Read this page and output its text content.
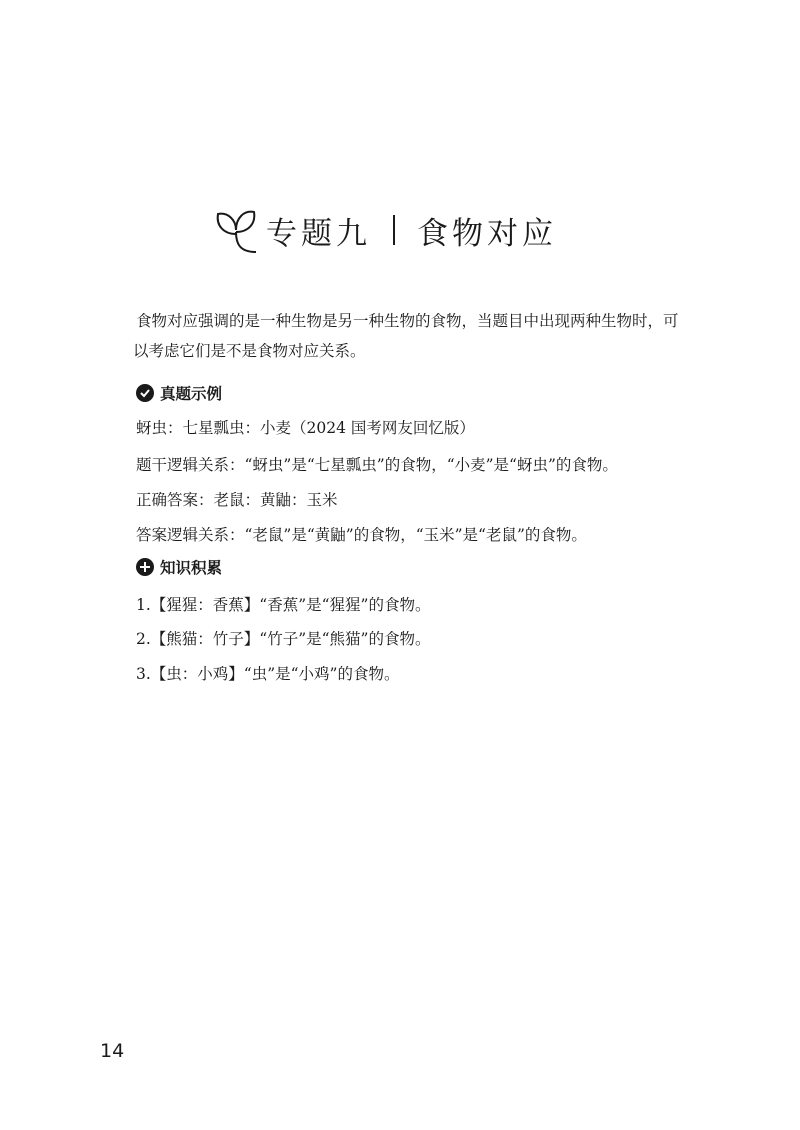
专题九 食物对应

食物对应强调的是一种生物是另一种生物的食物，当题目中出现两种生物时，可

以考虑它们是不是食物对应关系。

真题示例
蚜虫：七星瓢虫：小麦（2024 国考网友回忆版）
题干逻辑关系：“蚜虫”是“七星瓢虫”的食物，“小麦”是“蚜虫”的食物。
正确答案：老鼠：黄鼬：玉米
答案逻辑关系：“老鼠”是“黄鼬”的食物，“玉米”是“老鼠”的食物。
知识积累
1.【猩猩：香蕉】“香蕉”是“猩猩”的食物。
2.【熊猫：竹子】“竹子”是“熊猫”的食物。
3.【虫：小鸡】“虫”是“小鸡”的食物。
14
